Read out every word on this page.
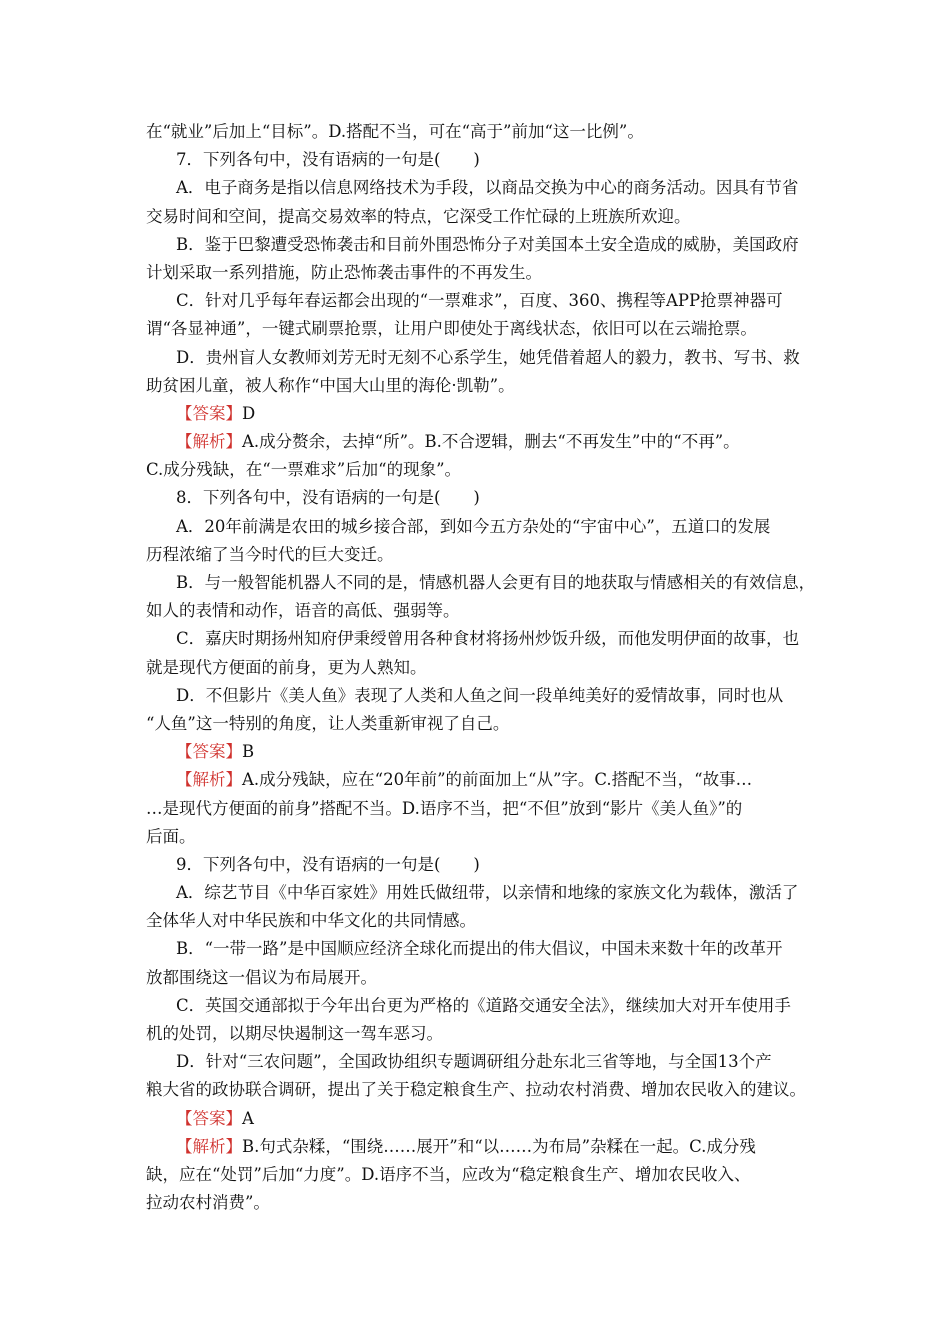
在“就业”后加上“目标”。D.搭配不当，可在“高于”前加“这一比例”。
7．下列各句中，没有语病的一句是(　　)
A．电子商务是指以信息网络技术为手段，以商品交换为中心的商务活动。因具有节省
交易时间和空间，提高交易效率的特点，它深受工作忙碌的上班族所欢迎。
B．鉴于巴黎遭受恐怖袭击和目前外围恐怖分子对美国本土安全造成的威胁，美国政府
计划采取一系列措施，防止恐怖袭击事件的不再发生。
C．针对几乎每年春运都会出现的“一票难求”，百度、360、携程等APP抢票神器可
谓“各显神通”，一键式刷票抢票，让用户即使处于离线状态，依旧可以在云端抢票。
D．贵州盲人女教师刘芳无时无刻不心系学生，她凭借着超人的毅力，教书、写书、救
助贫困儿童，被人称作“中国大山里的海伦·凯勒”。
【答案】D
【解析】A.成分赘余，去掉“所”。B.不合逻辑，删去“不再发生”中的“不再”。
C.成分残缺，在“一票难求”后加“的现象”。
8．下列各句中，没有语病的一句是(　　)
A．20年前满是农田的城乡接合部，到如今五方杂处的“宇宙中心”，五道口的发展
历程浓缩了当今时代的巨大变迁。
B．与一般智能机器人不同的是，情感机器人会更有目的地获取与情感相关的有效信息，
如人的表情和动作，语音的高低、强弱等。
C．嘉庆时期扬州知府伊秉绶曾用各种食材将扬州炒饭升级，而他发明伊面的故事，也
就是现代方便面的前身，更为人熟知。
D．不但影片《美人鱼》表现了人类和人鱼之间一段单纯美好的爱情故事，同时也从
“人鱼”这一特别的角度，让人类重新审视了自己。
【答案】B
【解析】A.成分残缺，应在“20年前”的前面加上“从”字。C.搭配不当，“故事…
…是现代方便面的前身”搭配不当。D.语序不当，把“不但”放到“影片《美人鱼》”的
后面。
9．下列各句中，没有语病的一句是(　　)
A．综艺节目《中华百家姓》用姓氏做纽带，以亲情和地缘的家族文化为载体，激活了
全体华人对中华民族和中华文化的共同情感。
B．“一带一路”是中国顺应经济全球化而提出的伟大倡议，中国未来数十年的改革开
放都围绕这一倡议为布局展开。
C．英国交通部拟于今年出台更为严格的《道路交通安全法》，继续加大对开车使用手
机的处罚，以期尽快遏制这一驾车恶习。
D．针对“三农问题”，全国政协组织专题调研组分赴东北三省等地，与全国13个产
粮大省的政协联合调研，提出了关于稳定粮食生产、拉动农村消费、增加农民收入的建议。
【答案】A
【解析】B.句式杂糅，“围绕……展开”和“以……为布局”杂糅在一起。C.成分残
缺，应在“处罚”后加“力度”。D.语序不当，应改为“稳定粮食生产、增加农民收入、
拉动农村消费”。
